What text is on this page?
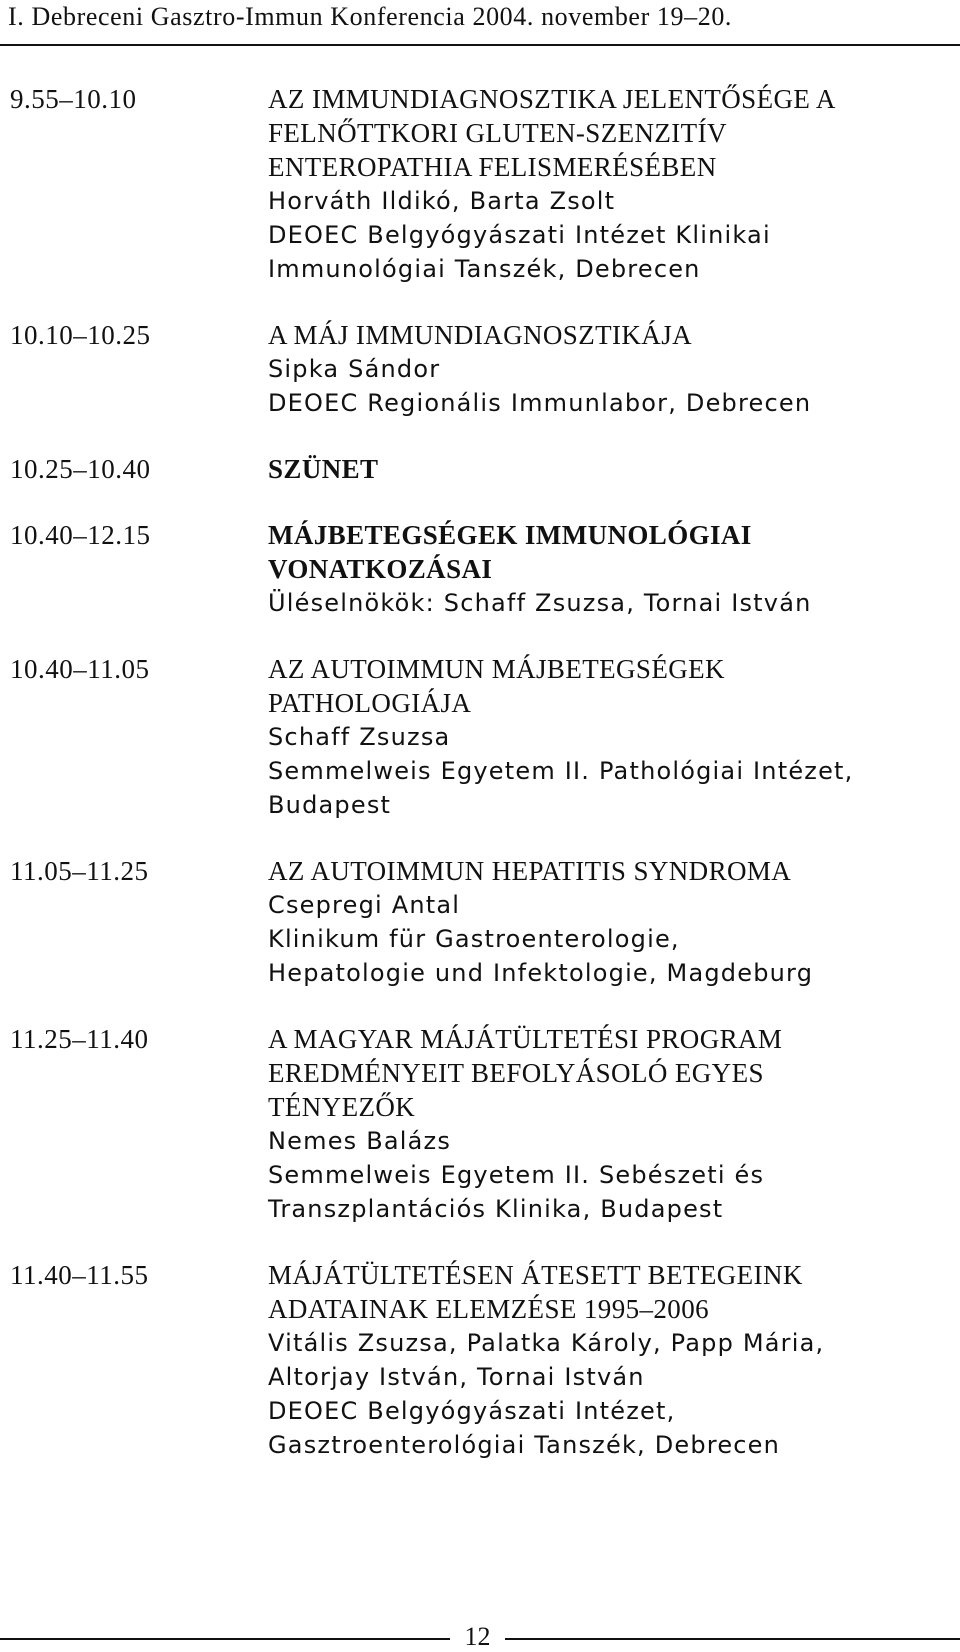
I. Debreceni Gasztro-Immun Konferencia 2004. november 19–20.
9.55–10.10	AZ IMMUNDIAGNOSZTIKA JELENTŐSÉGE A
FELNŐTTKORI GLUTEN-SZENZITÍV
ENTEROPATHIA FELISMERÉSÉBEN
Horváth Ildikó, Barta Zsolt
DEOEC Belgyógyászati Intézet Klinikai
Immunológiai Tanszék, Debrecen
10.10–10.25	A MÁJ IMMUNDIAGNOSZTIKÁJA
Sipka Sándor
DEOEC Regionális Immunlabor, Debrecen
10.25–10.40	SZÜNET
10.40–12.15	MÁJBETEGSÉGEK IMMUNOLÓGIAI
VONATKOZÁSAI
Üléselnökök: Schaff Zsuzsa, Tornai István
10.40–11.05	AZ AUTOIMMUN MÁJBETEGSÉGEK
PATHOLOGIÁJA
Schaff Zsuzsa
Semmelweis Egyetem II. Pathológiai Intézet,
Budapest
11.05–11.25	AZ AUTOIMMUN HEPATITIS SYNDROMA
Csepregi Antal
Klinikum für Gastroenterologie,
Hepatologie und Infektologie, Magdeburg
11.25–11.40	A MAGYAR MÁJÁTÜLTETÉSI PROGRAM
EREDMÉNYEIT BEFOLYÁSOLÓ EGYES
TÉNYEZŐK
Nemes Balázs
Semmelweis Egyetem II. Sebészeti és
Transzplantációs Klinika, Budapest
11.40–11.55	MÁJÁTÜLTETÉSEN ÁTESETT BETEGEINK
ADATAINAK ELEMZÉSE 1995–2006
Vitális Zsuzsa, Palatka Károly, Papp Mária,
Altorjay István, Tornai István
DEOEC Belgyógyászati Intézet,
Gasztroenterológiai Tanszék, Debrecen
12
